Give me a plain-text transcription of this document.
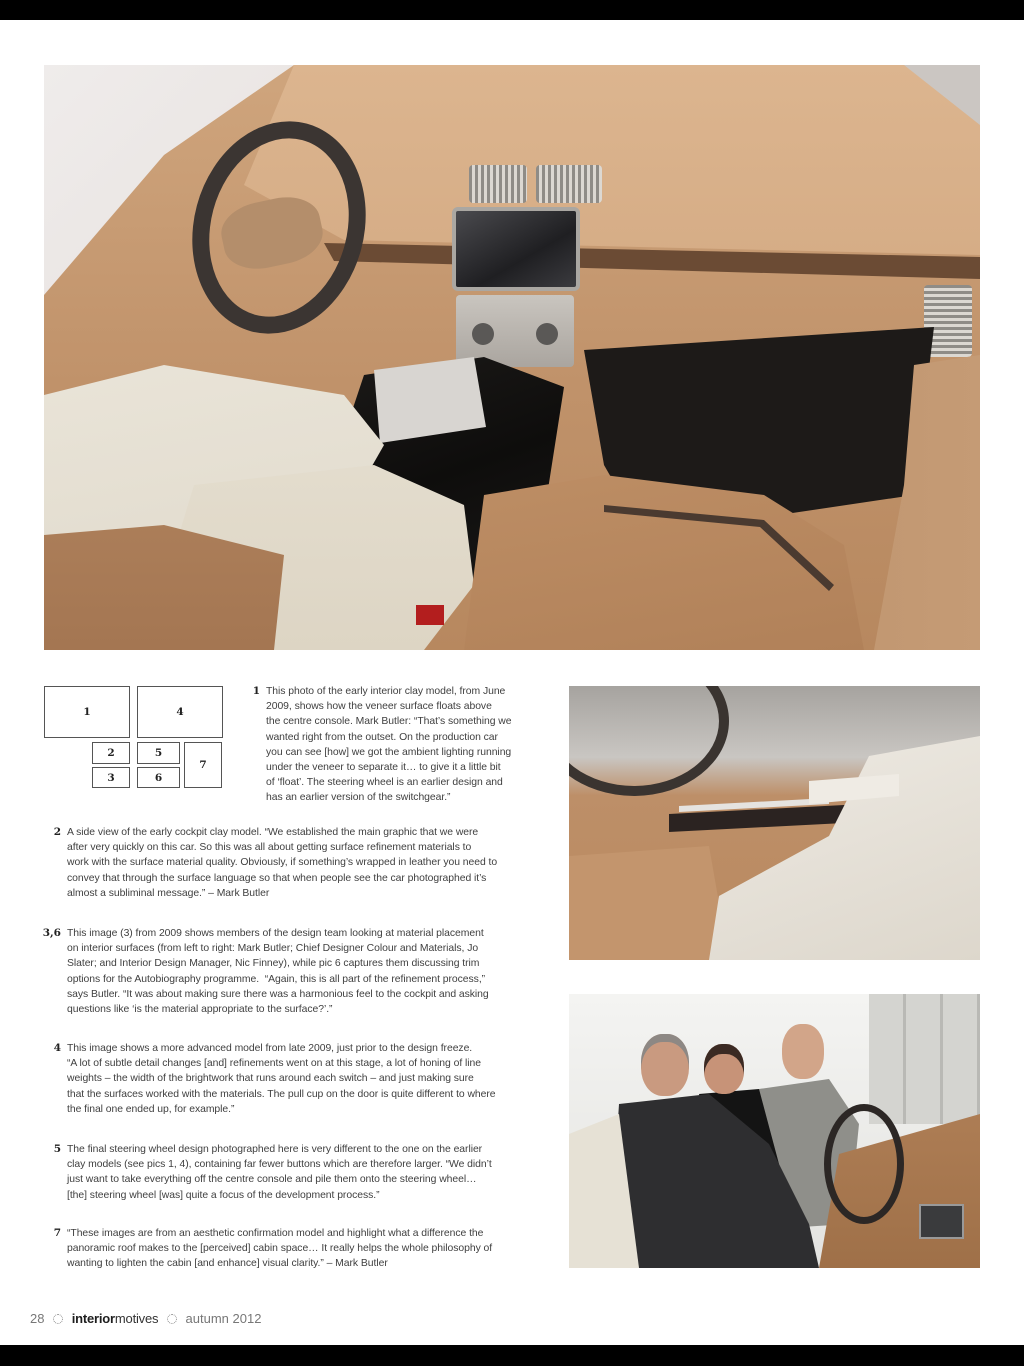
1	4
2
3
5
6
7
1 This photo of the early interior clay model, from June
2009, shows how the veneer surface floats above
the centre console. Mark Butler: “That’s something we
wanted right from the outset. On the production car
you can see [how] we got the ambient lighting running
under the veneer to separate it… to give it a little bit
of ‘float’. The steering wheel is an earlier design and
has an earlier version of the switchgear.”
2 A side view of the early cockpit clay model. “We established the main graphic that we were
after very quickly on this car. So this was all about getting surface refinement materials to
work with the surface material quality. Obviously, if something’s wrapped in leather you need to
convey that through the surface language so that when people see the car photographed it’s
almost a subliminal message.” – Mark Butler
3,6 This image (3) from 2009 shows members of the design team looking at material placement
on interior surfaces (from left to right: Mark Butler; Chief Designer Colour and Materials, Jo
Slater; and Interior Design Manager, Nic Finney), while pic 6 captures them discussing trim
options for the Autobiography programme.  “Again, this is all part of the refinement process,”
says Butler. “It was about making sure there was a harmonious feel to the cockpit and asking
questions like ‘is the material appropriate to the surface?’.”
4 This image shows a more advanced model from late 2009, just prior to the design freeze.
“A lot of subtle detail changes [and] refinements went on at this stage, a lot of honing of line
weights – the width of the brightwork that runs around each switch – and just making sure
that the surfaces worked with the materials. The pull cup on the door is quite different to where
the final one ended up, for example.”
5 The final steering wheel design photographed here is very different to the one on the earlier
clay models (see pics 1, 4), containing far fewer buttons which are therefore larger. “We didn’t
just want to take everything off the centre console and pile them onto the steering wheel…
[the] steering wheel [was] quite a focus of the development process.”
7 “These images are from an aesthetic confirmation model and highlight what a difference the
panoramic roof makes to the [perceived] cabin space… It really helps the whole philosophy of
wanting to lighten the cabin [and enhance] visual clarity.” – Mark Butler
28 interiormotives autumn 2012
